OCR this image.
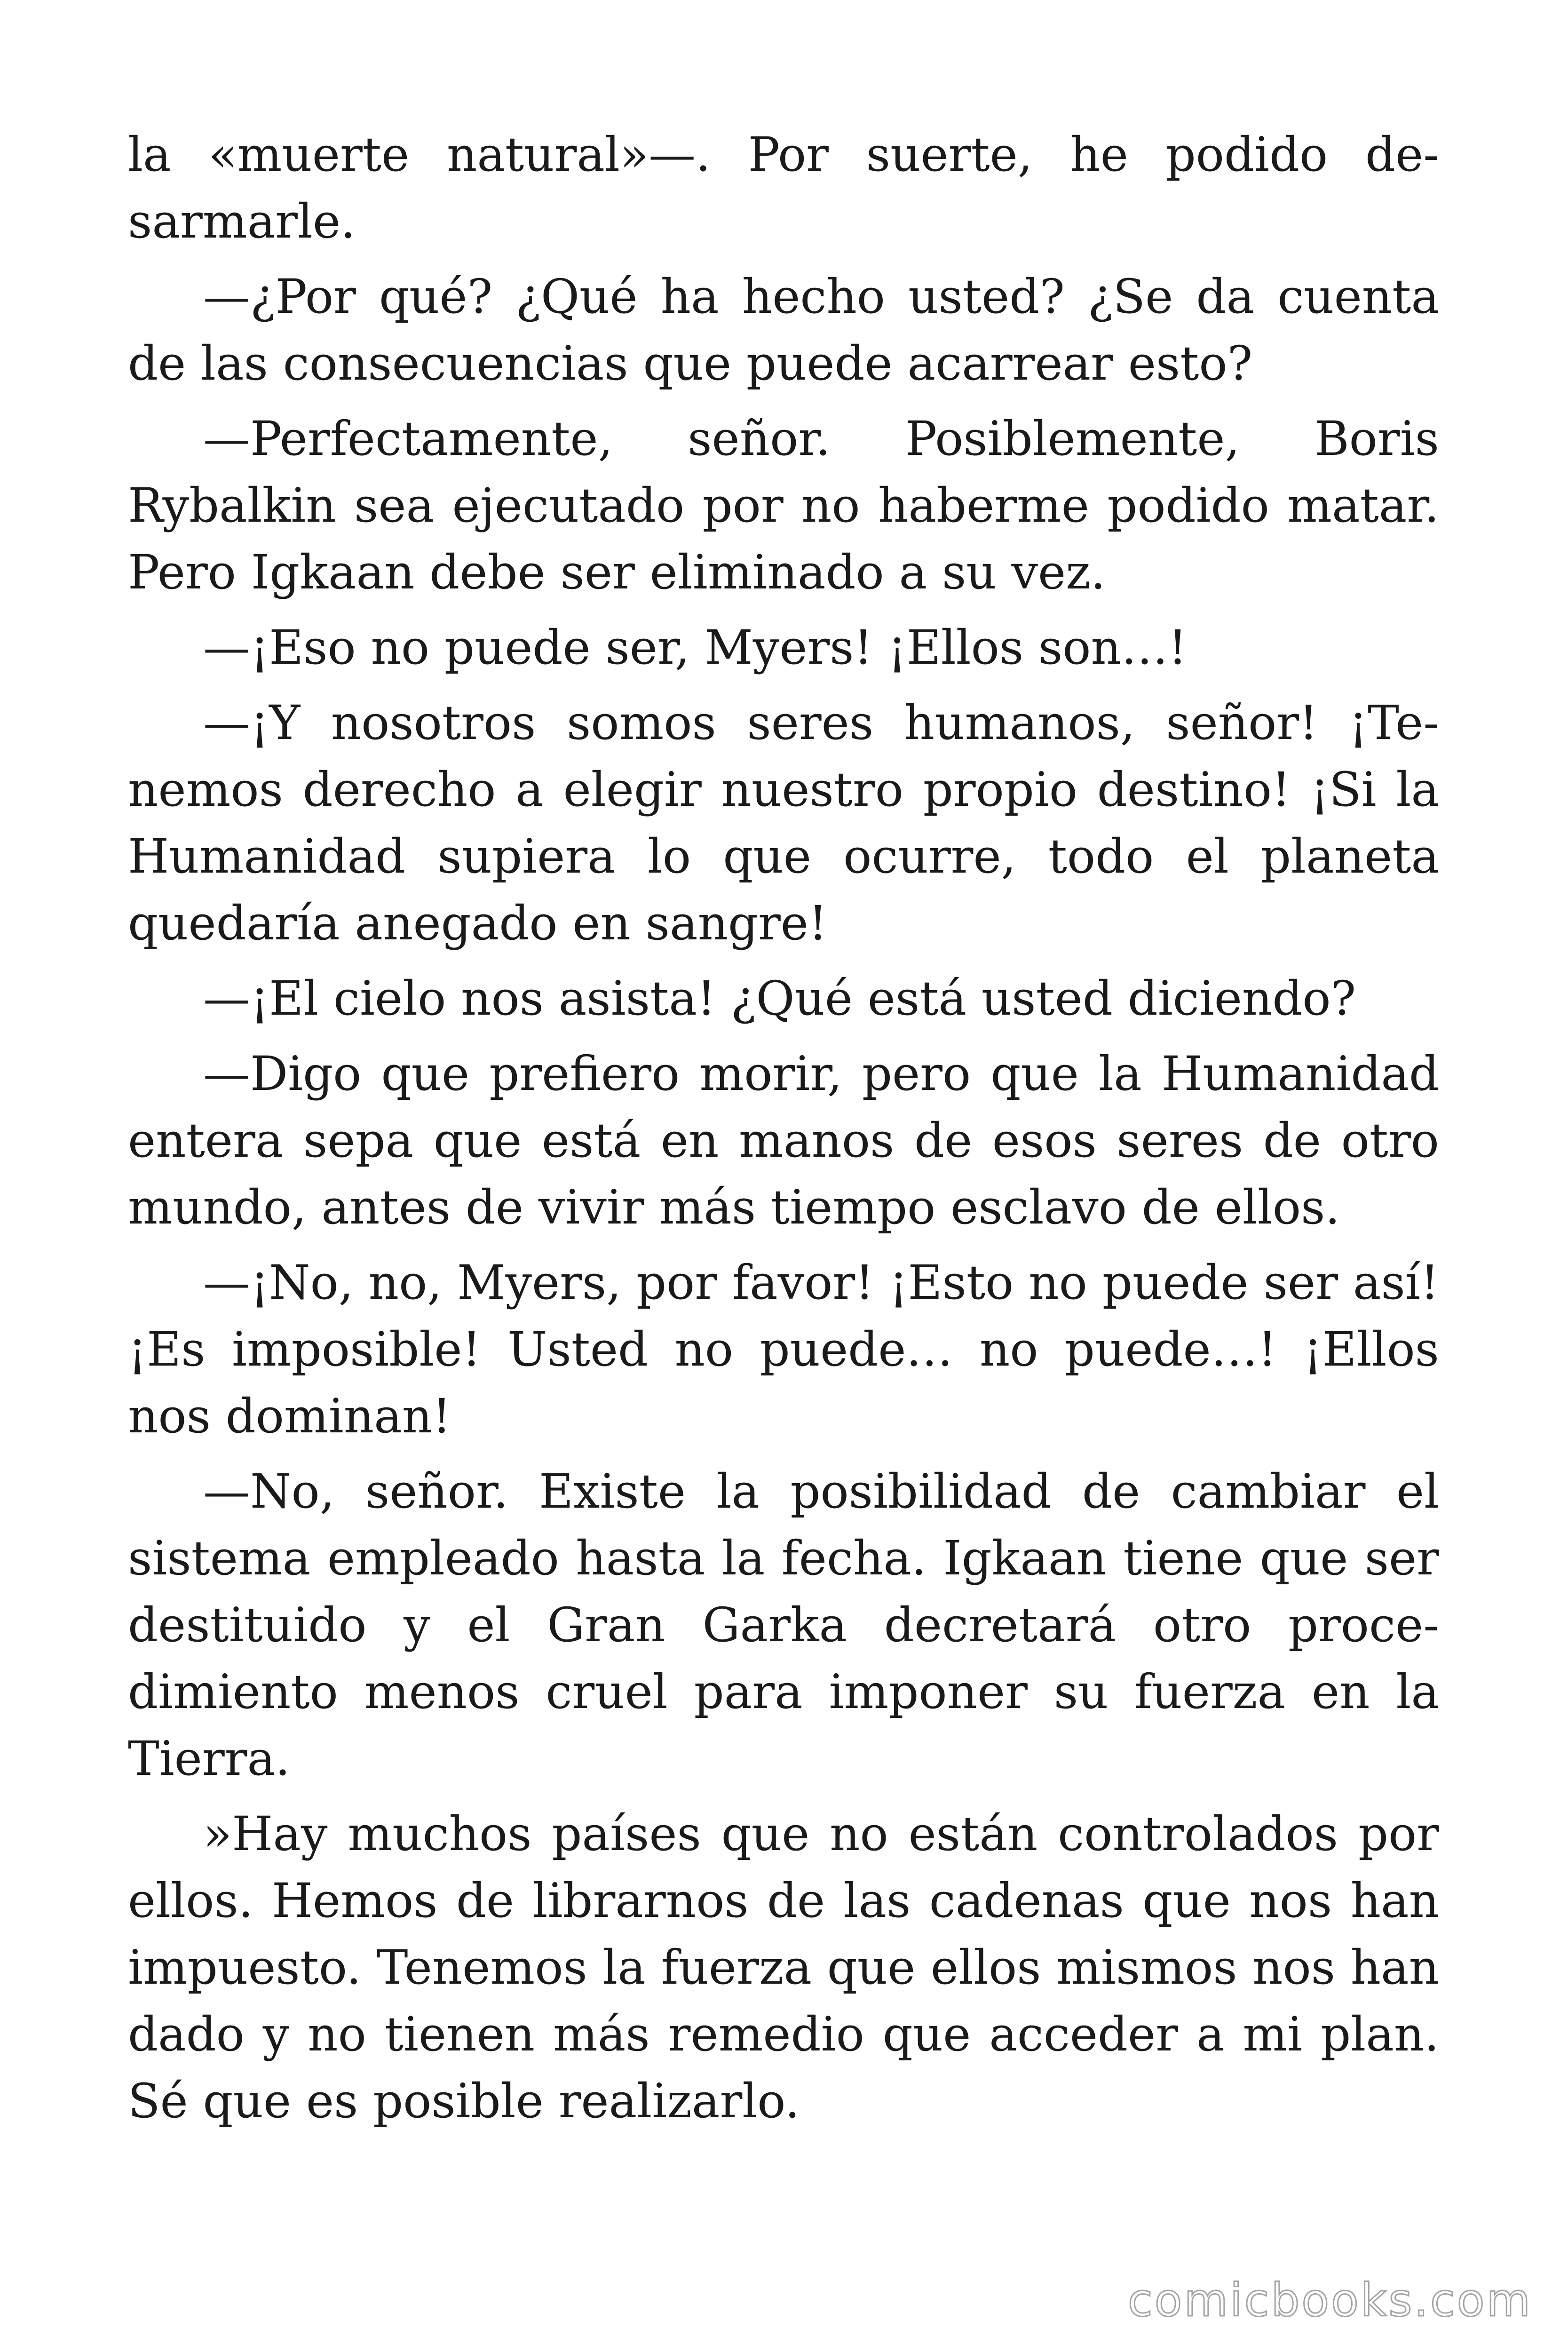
la «muerte natural»—. Por suerte, he podido desarmarle.

—¿Por qué? ¿Qué ha hecho usted? ¿Se da cuenta de las consecuencias que puede acarrear esto?

—Perfectamente, señor. Posiblemente, Boris Rybalkin sea ejecutado por no haberme podido matar. Pero Igkaan debe ser eliminado a su vez.

—¡Eso no puede ser, Myers! ¡Ellos son…!

—¡Y nosotros somos seres humanos, señor! ¡Tenemos derecho a elegir nuestro propio destino! ¡Si la Humanidad supiera lo que ocurre, todo el planeta quedaría anegado en sangre!

—¡El cielo nos asista! ¿Qué está usted diciendo?

—Digo que prefiero morir, pero que la Humanidad entera sepa que está en manos de esos seres de otro mundo, antes de vivir más tiempo esclavo de ellos.

—¡No, no, Myers, por favor! ¡Esto no puede ser así! ¡Es imposible! Usted no puede… no puede…! ¡Ellos nos dominan!

—No, señor. Existe la posibilidad de cambiar el sistema empleado hasta la fecha. Igkaan tiene que ser destituido y el Gran Garka decretará otro procedimiento menos cruel para imponer su fuerza en la Tierra.

»Hay muchos países que no están controlados por ellos. Hemos de librarnos de las cadenas que nos han impuesto. Tenemos la fuerza que ellos mismos nos han dado y no tienen más remedio que acceder a mi plan. Sé que es posible realizarlo.

comicbooks.com
